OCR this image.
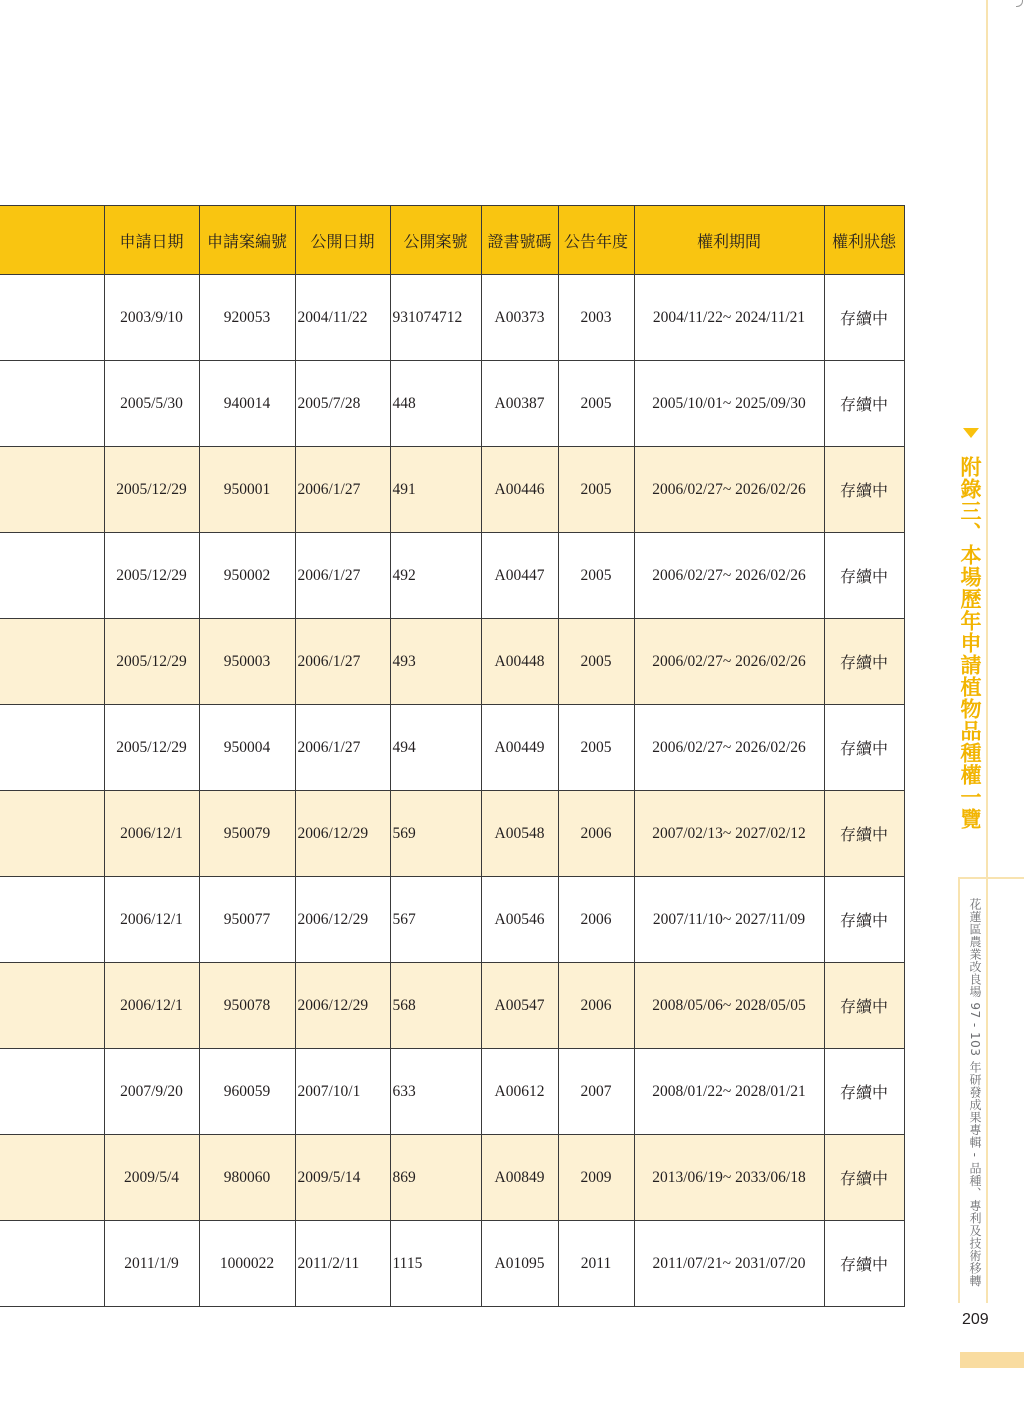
	申請日期	申請案編號	公開日期	公開案號	證書號碼	公告年度	權利期間	權利狀態
	2003/9/10	920053	2004/11/22	931074712	A00373	2003	2004/11/22~ 2024/11/21	存續中
	2005/5/30	940014	2005/7/28	448	A00387	2005	2005/10/01~ 2025/09/30	存續中
	2005/12/29	950001	2006/1/27	491	A00446	2005	2006/02/27~ 2026/02/26	存續中
	2005/12/29	950002	2006/1/27	492	A00447	2005	2006/02/27~ 2026/02/26	存續中
	2005/12/29	950003	2006/1/27	493	A00448	2005	2006/02/27~ 2026/02/26	存續中
	2005/12/29	950004	2006/1/27	494	A00449	2005	2006/02/27~ 2026/02/26	存續中
	2006/12/1	950079	2006/12/29	569	A00548	2006	2007/02/13~ 2027/02/12	存續中
	2006/12/1	950077	2006/12/29	567	A00546	2006	2007/11/10~ 2027/11/09	存續中
	2006/12/1	950078	2006/12/29	568	A00547	2006	2008/05/06~ 2028/05/05	存續中
	2007/9/20	960059	2007/10/1	633	A00612	2007	2008/01/22~ 2028/01/21	存續中
	2009/5/4	980060	2009/5/14	869	A00849	2009	2013/06/19~ 2033/06/18	存續中
	2011/1/9	1000022	2011/2/11	1115	A01095	2011	2011/07/21~ 2031/07/20	存續中
附錄三、本場歷年申請植物品種權一覽
花蓮區農業改良場 97 - 103 年研發成果專輯 - 品種、專利及技術移轉
209
